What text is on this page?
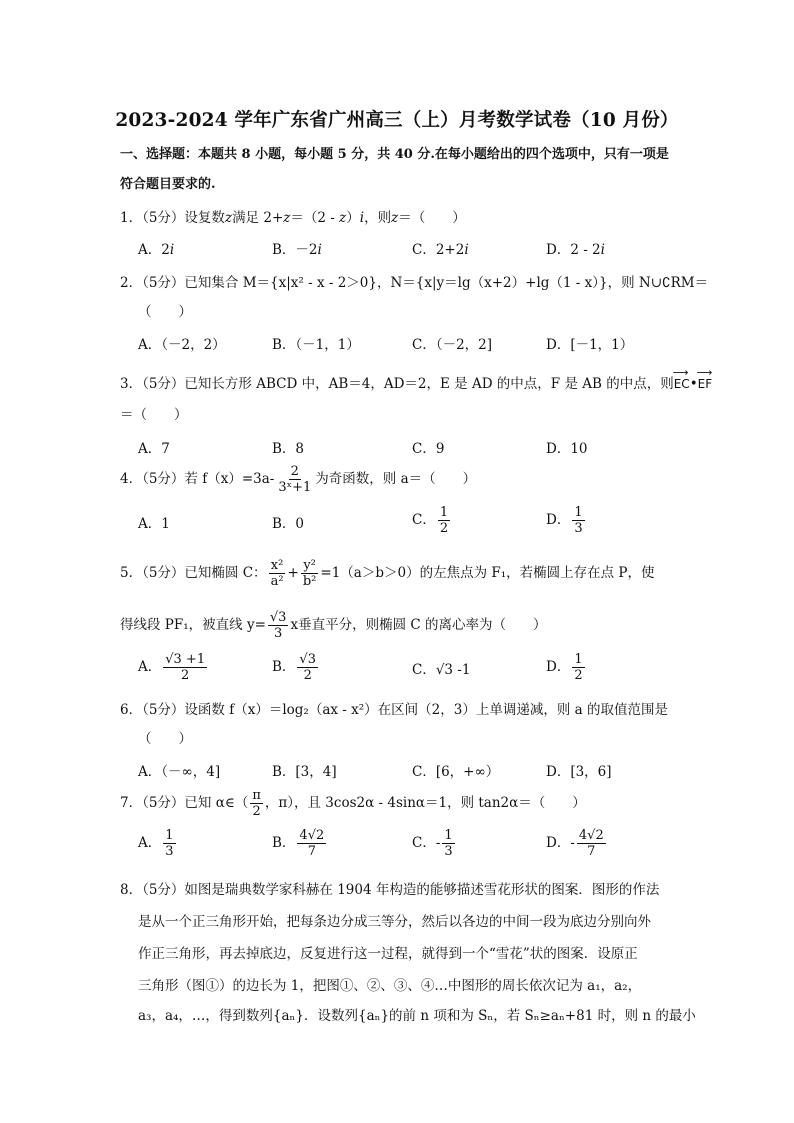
2023-2024 学年广东省广州高三（上）月考数学试卷（10 月份）
一、选择题：本题共 8 小题，每小题 5 分，共 40 分.在每小题给出的四个选项中，只有一项是符合题目要求的.
1．（5分）设复数z满足 2+z＝（2 - z）i，则z＝（　　）
A．2i	B．－2i	C．2+2i	D．2 - 2i
2．（5分）已知集合 M＝{x|x² - x - 2＞0}，N＝{x|y＝lg（x+2）+lg（1 - x）}，则 N∪∁RM＝
（　　）
A．（－2，2）	B．（－1，1）	C．（－2，2]	D．[－1，1）
3．（5分）已知长方形 ABCD 中，AB＝4，AD＝2，E 是 AD 的中点，F 是 AB 的中点，则⟶ EC•⟶ EF
＝（　　）
A．7	B．8	C．9	D．10
4．（5分）若 $f(x)=3a- \frac{2}{\text{3ˣ+1}}$ 为奇函数，则 a＝（　　）
A．1	B．0	C． $\frac{1}{2}$	D． $\frac{1}{3}$
5．（5分）已知椭圆 C： $\frac{\text{x²}}{\text{a²}} + \frac{\text{y²}}{\text{b²}} =1(a>b>0)$的左焦点为 F₁，若椭圆上存在点 P，使
得线段 PF₁，被直线 $y= \frac{√3}{3}$ x垂直平分，则椭圆 C 的离心率为（　　）
A． $\frac{√3 +1}{2}$	B． $\frac{√3}{2}$	C．√3 -1	D． $\frac{1}{2}$
6．（5分）设函数 f（x）＝log₂（ax - x²）在区间（2，3）上单调递减，则 a 的取值范围是
（　　）
A．（－∞，4]	B．[3，4]	C．[6，+∞）	D．[3，6]
7．（5分）已知 α∈（ $\frac{\pi}{2}$ ，π），且 3cos2α - 4sinα＝1，则 tan2α＝（　　）
A． $\frac{1}{3}$	B． $\frac{4√2}{7}$	C．- $\frac{1}{3}$	D．- $\frac{4√2}{7}$
8．（5分）如图是瑞典数学家科赫在 1904 年构造的能够描述雪花形状的图案．图形的作法
是从一个正三角形开始，把每条边分成三等分，然后以各边的中间一段为底边分别向外
作正三角形，再去掉底边，反复进行这一过程，就得到一个“雪花”状的图案．设原正
三角形（图①）的边长为 1，把图①、②、③、④…中图形的周长依次记为 a₁，a₂，
a₃，a₄，…，得到数列{aₙ}．设数列{aₙ}的前 n 项和为 Sₙ，若 Sₙ≥aₙ+81 时，则 n 的最小
